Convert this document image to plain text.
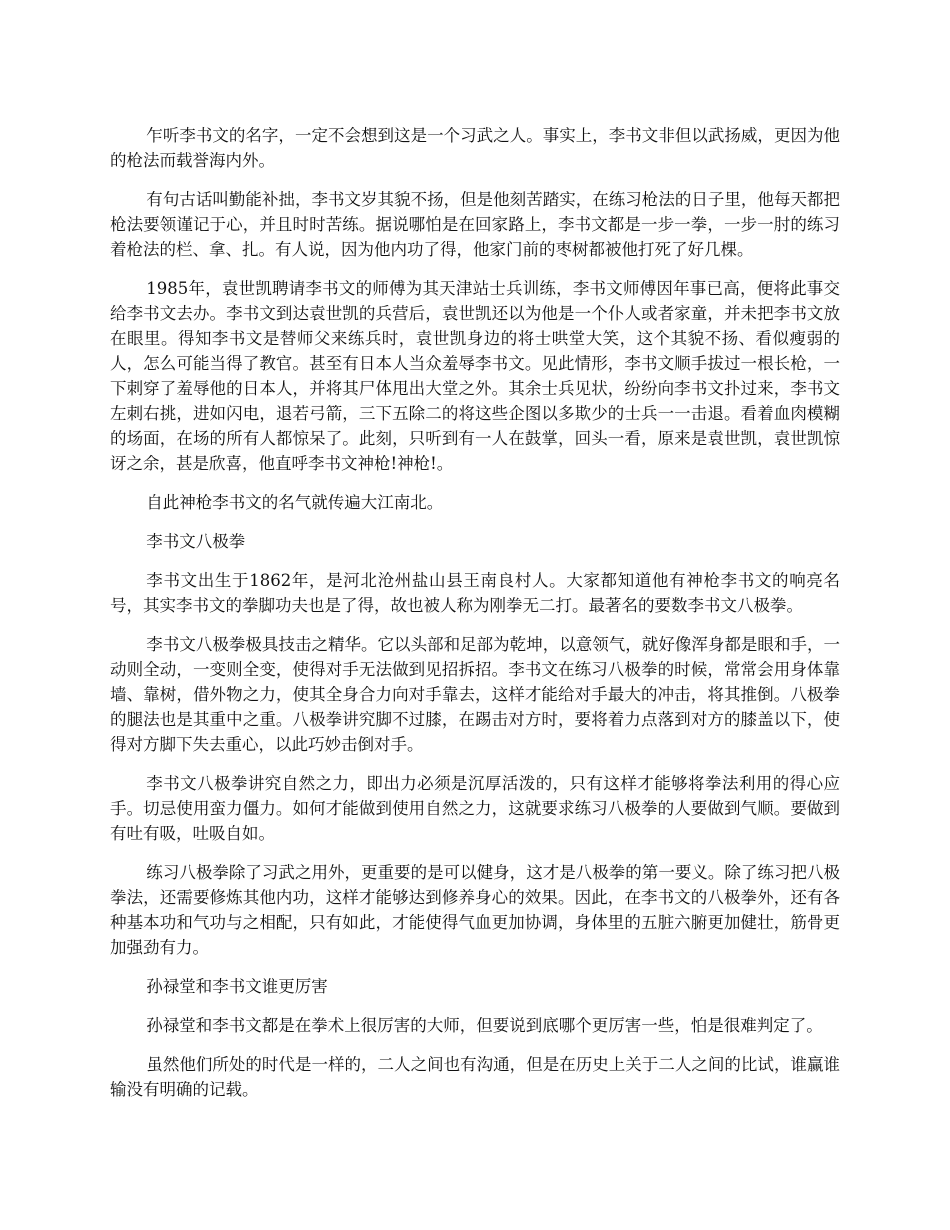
乍听李书文的名字，一定不会想到这是一个习武之人。事实上，李书文非但以武扬威，更因为他的枪法而载誉海内外。

有句古话叫勤能补拙，李书文岁其貌不扬，但是他刻苦踏实，在练习枪法的日子里，他每天都把枪法要领谨记于心，并且时时苦练。据说哪怕是在回家路上，李书文都是一步一拳，一步一肘的练习着枪法的栏、拿、扎。有人说，因为他内功了得，他家门前的枣树都被他打死了好几棵。

1985年，袁世凯聘请李书文的师傅为其天津站士兵训练，李书文师傅因年事已高，便将此事交给李书文去办。李书文到达袁世凯的兵营后，袁世凯还以为他是一个仆人或者家童，并未把李书文放在眼里。得知李书文是替师父来练兵时，袁世凯身边的将士哄堂大笑，这个其貌不扬、看似瘦弱的人，怎么可能当得了教官。甚至有日本人当众羞辱李书文。见此情形，李书文顺手拔过一根长枪，一下刺穿了羞辱他的日本人，并将其尸体甩出大堂之外。其余士兵见状，纷纷向李书文扑过来，李书文左刺右挑，进如闪电，退若弓箭，三下五除二的将这些企图以多欺少的士兵一一击退。看着血肉模糊的场面，在场的所有人都惊呆了。此刻，只听到有一人在鼓掌，回头一看，原来是袁世凯，袁世凯惊讶之余，甚是欣喜，他直呼李书文神枪!神枪!。

自此神枪李书文的名气就传遍大江南北。

李书文八极拳

李书文出生于1862年，是河北沧州盐山县王南良村人。大家都知道他有神枪李书文的响亮名号，其实李书文的拳脚功夫也是了得，故也被人称为刚拳无二打。最著名的要数李书文八极拳。

李书文八极拳极具技击之精华。它以头部和足部为乾坤，以意领气，就好像浑身都是眼和手，一动则全动，一变则全变，使得对手无法做到见招拆招。李书文在练习八极拳的时候，常常会用身体靠墙、靠树，借外物之力，使其全身合力向对手靠去，这样才能给对手最大的冲击，将其推倒。八极拳的腿法也是其重中之重。八极拳讲究脚不过膝，在踢击对方时，要将着力点落到对方的膝盖以下，使得对方脚下失去重心，以此巧妙击倒对手。

李书文八极拳讲究自然之力，即出力必须是沉厚活泼的，只有这样才能够将拳法利用的得心应手。切忌使用蛮力僵力。如何才能做到使用自然之力，这就要求练习八极拳的人要做到气顺。要做到有吐有吸，吐吸自如。

练习八极拳除了习武之用外，更重要的是可以健身，这才是八极拳的第一要义。除了练习把八极拳法，还需要修炼其他内功，这样才能够达到修养身心的效果。因此，在李书文的八极拳外，还有各种基本功和气功与之相配，只有如此，才能使得气血更加协调，身体里的五脏六腑更加健壮，筋骨更加强劲有力。

孙禄堂和李书文谁更厉害

孙禄堂和李书文都是在拳术上很厉害的大师，但要说到底哪个更厉害一些，怕是很难判定了。

虽然他们所处的时代是一样的，二人之间也有沟通，但是在历史上关于二人之间的比试，谁赢谁输没有明确的记载。
